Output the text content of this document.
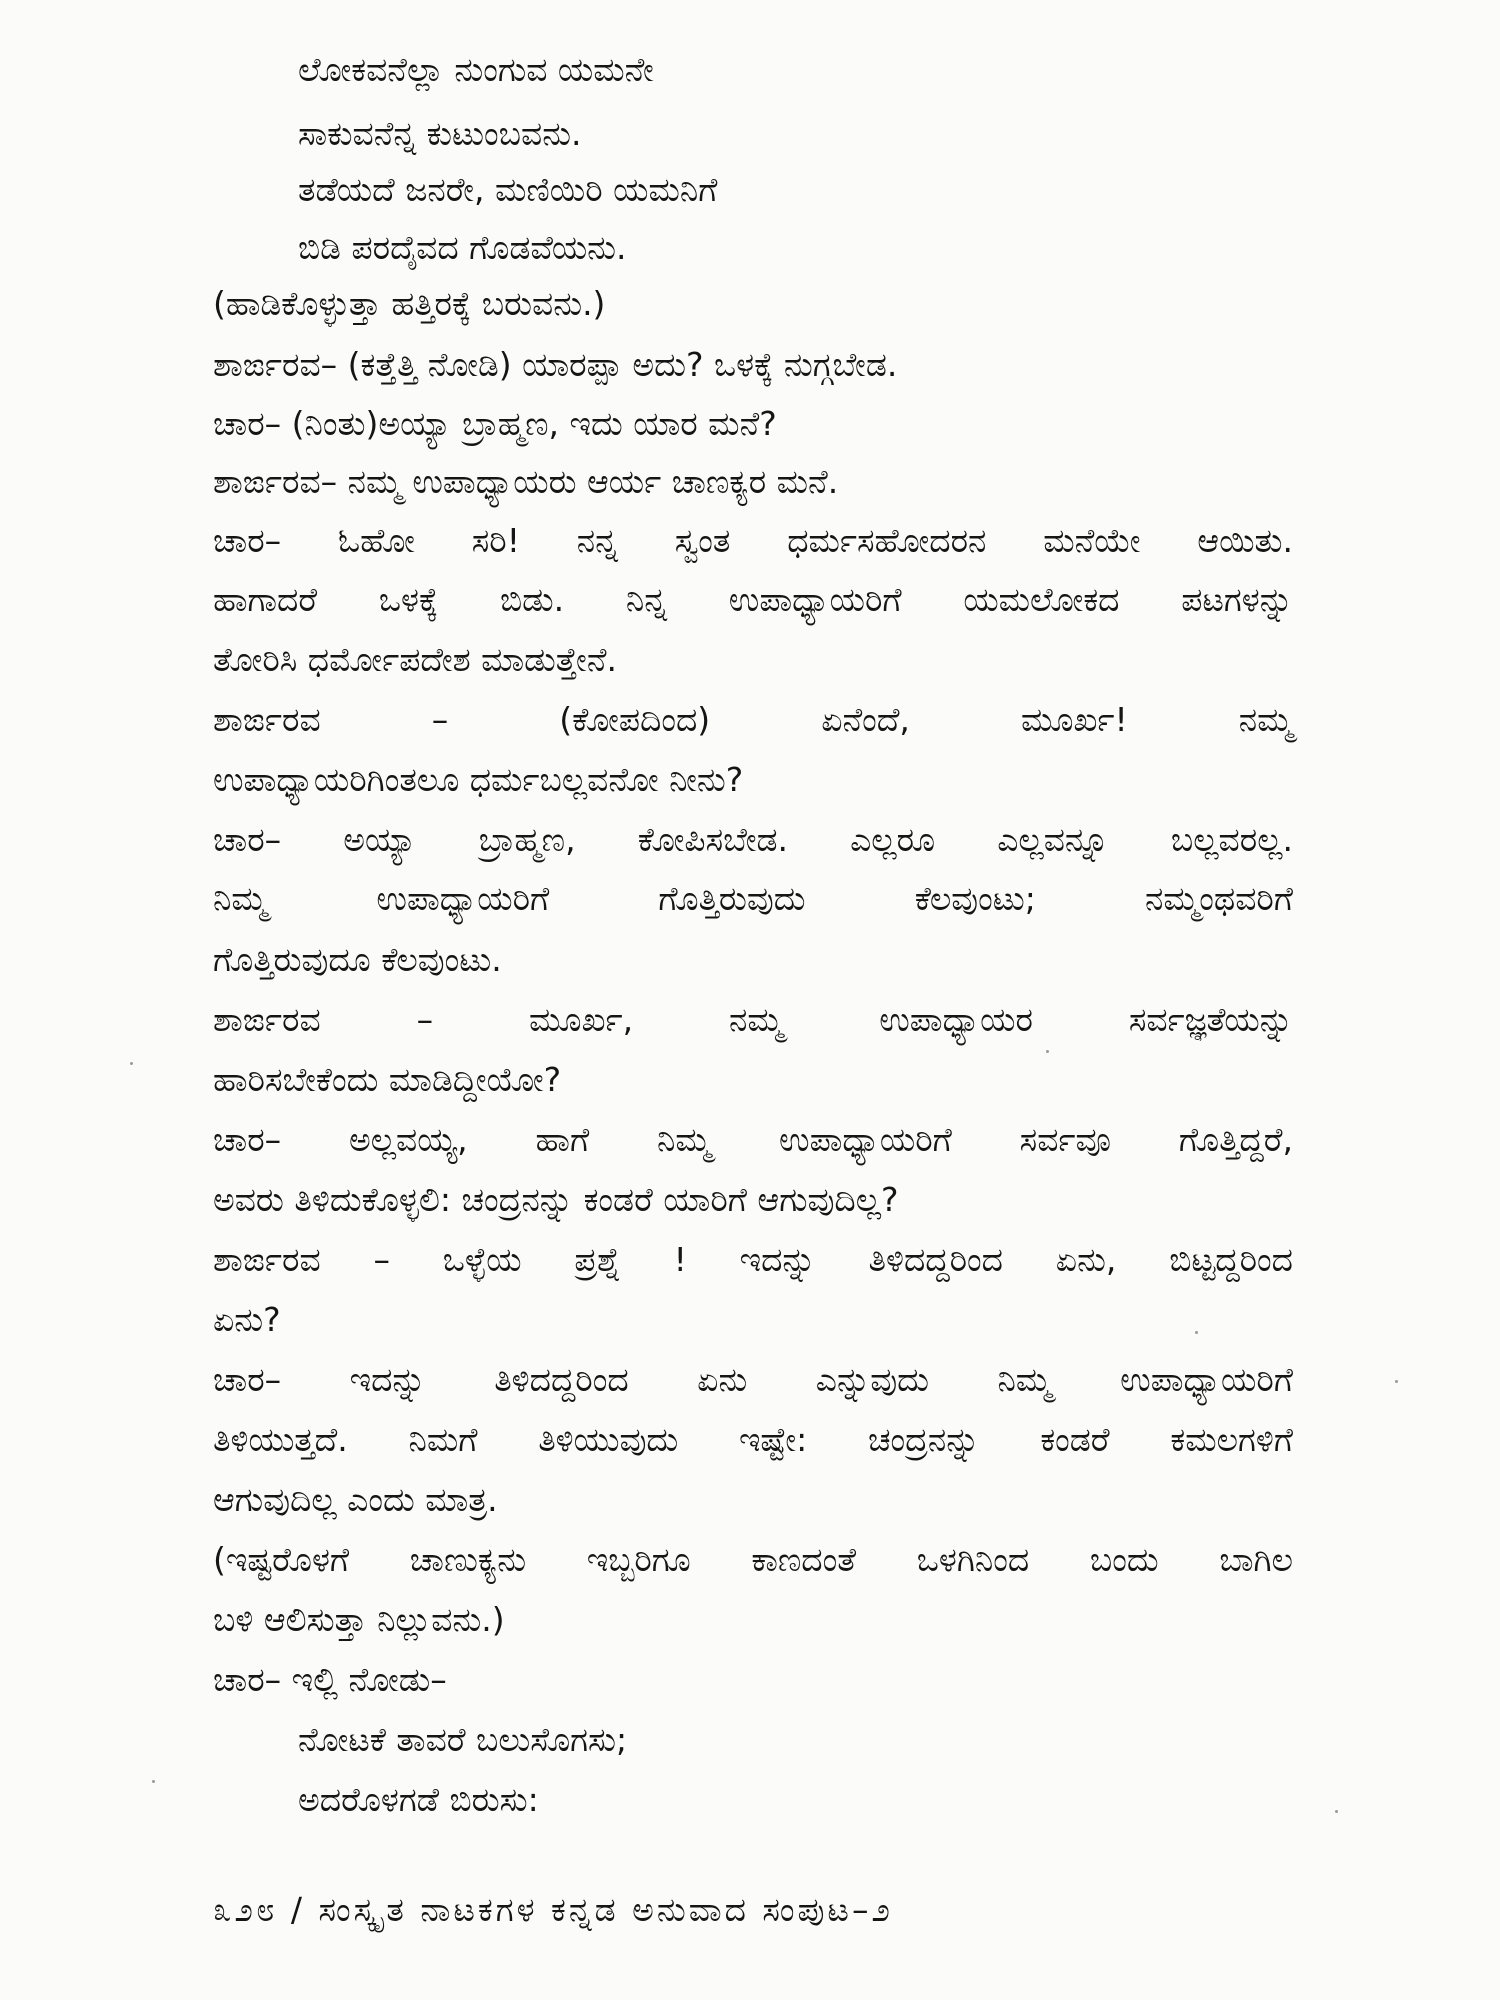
ಲೋಕವನೆಲ್ಲಾ ನುಂಗುವ ಯಮನೇ
ಸಾಕುವನೆನ್ನ ಕುಟುಂಬವನು.
ತಡೆಯದೆ ಜನರೇ, ಮಣಿಯಿರಿ ಯಮನಿಗೆ
ಬಿಡಿ ಪರದೈವದ ಗೊಡವೆಯನು.
(ಹಾಡಿಕೊಳ್ಳುತ್ತಾ ಹತ್ತಿರಕ್ಕೆ ಬರುವನು.)
ಶಾರ್ಙರವ– (ಕತ್ತೆತ್ತಿ ನೋಡಿ) ಯಾರಪ್ಪಾ ಅದು? ಒಳಕ್ಕೆ ನುಗ್ಗಬೇಡ.
ಚಾರ– (ನಿಂತು)ಅಯ್ಯಾ ಬ್ರಾಹ್ಮಣ, ಇದು ಯಾರ ಮನೆ?
ಶಾರ್ಙರವ– ನಮ್ಮ ಉಪಾಧ್ಯಾಯರು ಆರ್ಯ ಚಾಣಕ್ಯರ ಮನೆ.
ಚಾರ– ಓಹೋ ಸರಿ! ನನ್ನ ಸ್ವಂತ ಧರ್ಮಸಹೋದರನ ಮನೆಯೇ ಆಯಿತು.
ಹಾಗಾದರೆ ಒಳಕ್ಕೆ ಬಿಡು. ನಿನ್ನ ಉಪಾಧ್ಯಾಯರಿಗೆ ಯಮಲೋಕದ ಪಟಗಳನ್ನು
ತೋರಿಸಿ ಧರ್ಮೋಪದೇಶ ಮಾಡುತ್ತೇನೆ.
ಶಾರ್ಙರವ – (ಕೋಪದಿಂದ) ಏನೆಂದೆ, ಮೂರ್ಖ! ನಮ್ಮ
ಉಪಾಧ್ಯಾಯರಿಗಿಂತಲೂ ಧರ್ಮಬಲ್ಲವನೋ ನೀನು?
ಚಾರ– ಅಯ್ಯಾ ಬ್ರಾಹ್ಮಣ, ಕೋಪಿಸಬೇಡ. ಎಲ್ಲರೂ ಎಲ್ಲವನ್ನೂ ಬಲ್ಲವರಲ್ಲ.
ನಿಮ್ಮ ಉಪಾಧ್ಯಾಯರಿಗೆ ಗೊತ್ತಿರುವುದು ಕೆಲವುಂಟು; ನಮ್ಮಂಥವರಿಗೆ
ಗೊತ್ತಿರುವುದೂ ಕೆಲವುಂಟು.
ಶಾರ್ಙರವ – ಮೂರ್ಖ, ನಮ್ಮ ಉಪಾಧ್ಯಾಯರ ಸರ್ವಜ್ಞತೆಯನ್ನು
ಹಾರಿಸಬೇಕೆಂದು ಮಾಡಿದ್ದೀಯೋ?
ಚಾರ– ಅಲ್ಲವಯ್ಯ, ಹಾಗೆ ನಿಮ್ಮ ಉಪಾಧ್ಯಾಯರಿಗೆ ಸರ್ವವೂ ಗೊತ್ತಿದ್ದರೆ,
ಅವರು ತಿಳಿದುಕೊಳ್ಳಲಿ: ಚಂದ್ರನನ್ನು ಕಂಡರೆ ಯಾರಿಗೆ ಆಗುವುದಿಲ್ಲ?
ಶಾರ್ಙರವ – ಒಳ್ಳೆಯ ಪ್ರಶ್ನೆ ! ಇದನ್ನು ತಿಳಿದದ್ದರಿಂದ ಏನು, ಬಿಟ್ಟದ್ದರಿಂದ
ಏನು?
ಚಾರ– ಇದನ್ನು ತಿಳಿದದ್ದರಿಂದ ಏನು ಎನ್ನುವುದು ನಿಮ್ಮ ಉಪಾಧ್ಯಾಯರಿಗೆ
ತಿಳಿಯುತ್ತದೆ. ನಿಮಗೆ ತಿಳಿಯುವುದು ಇಷ್ಟೇ: ಚಂದ್ರನನ್ನು ಕಂಡರೆ ಕಮಲಗಳಿಗೆ
ಆಗುವುದಿಲ್ಲ ಎಂದು ಮಾತ್ರ.
(ಇಷ್ಟರೊಳಗೆ ಚಾಣುಕ್ಯನು ಇಬ್ಬರಿಗೂ ಕಾಣದಂತೆ ಒಳಗಿನಿಂದ ಬಂದು ಬಾಗಿಲ
ಬಳಿ ಆಲಿಸುತ್ತಾ ನಿಲ್ಲುವನು.)
ಚಾರ– ಇಲ್ಲಿ ನೋಡು–
ನೋಟಕೆ ತಾವರೆ ಬಲುಸೊಗಸು;
ಅದರೊಳಗಡೆ ಬಿರುಸು:
೩೨೮ / ಸಂಸ್ಕೃತ ನಾಟಕಗಳ ಕನ್ನಡ ಅನುವಾದ ಸಂಪುಟ–೨
